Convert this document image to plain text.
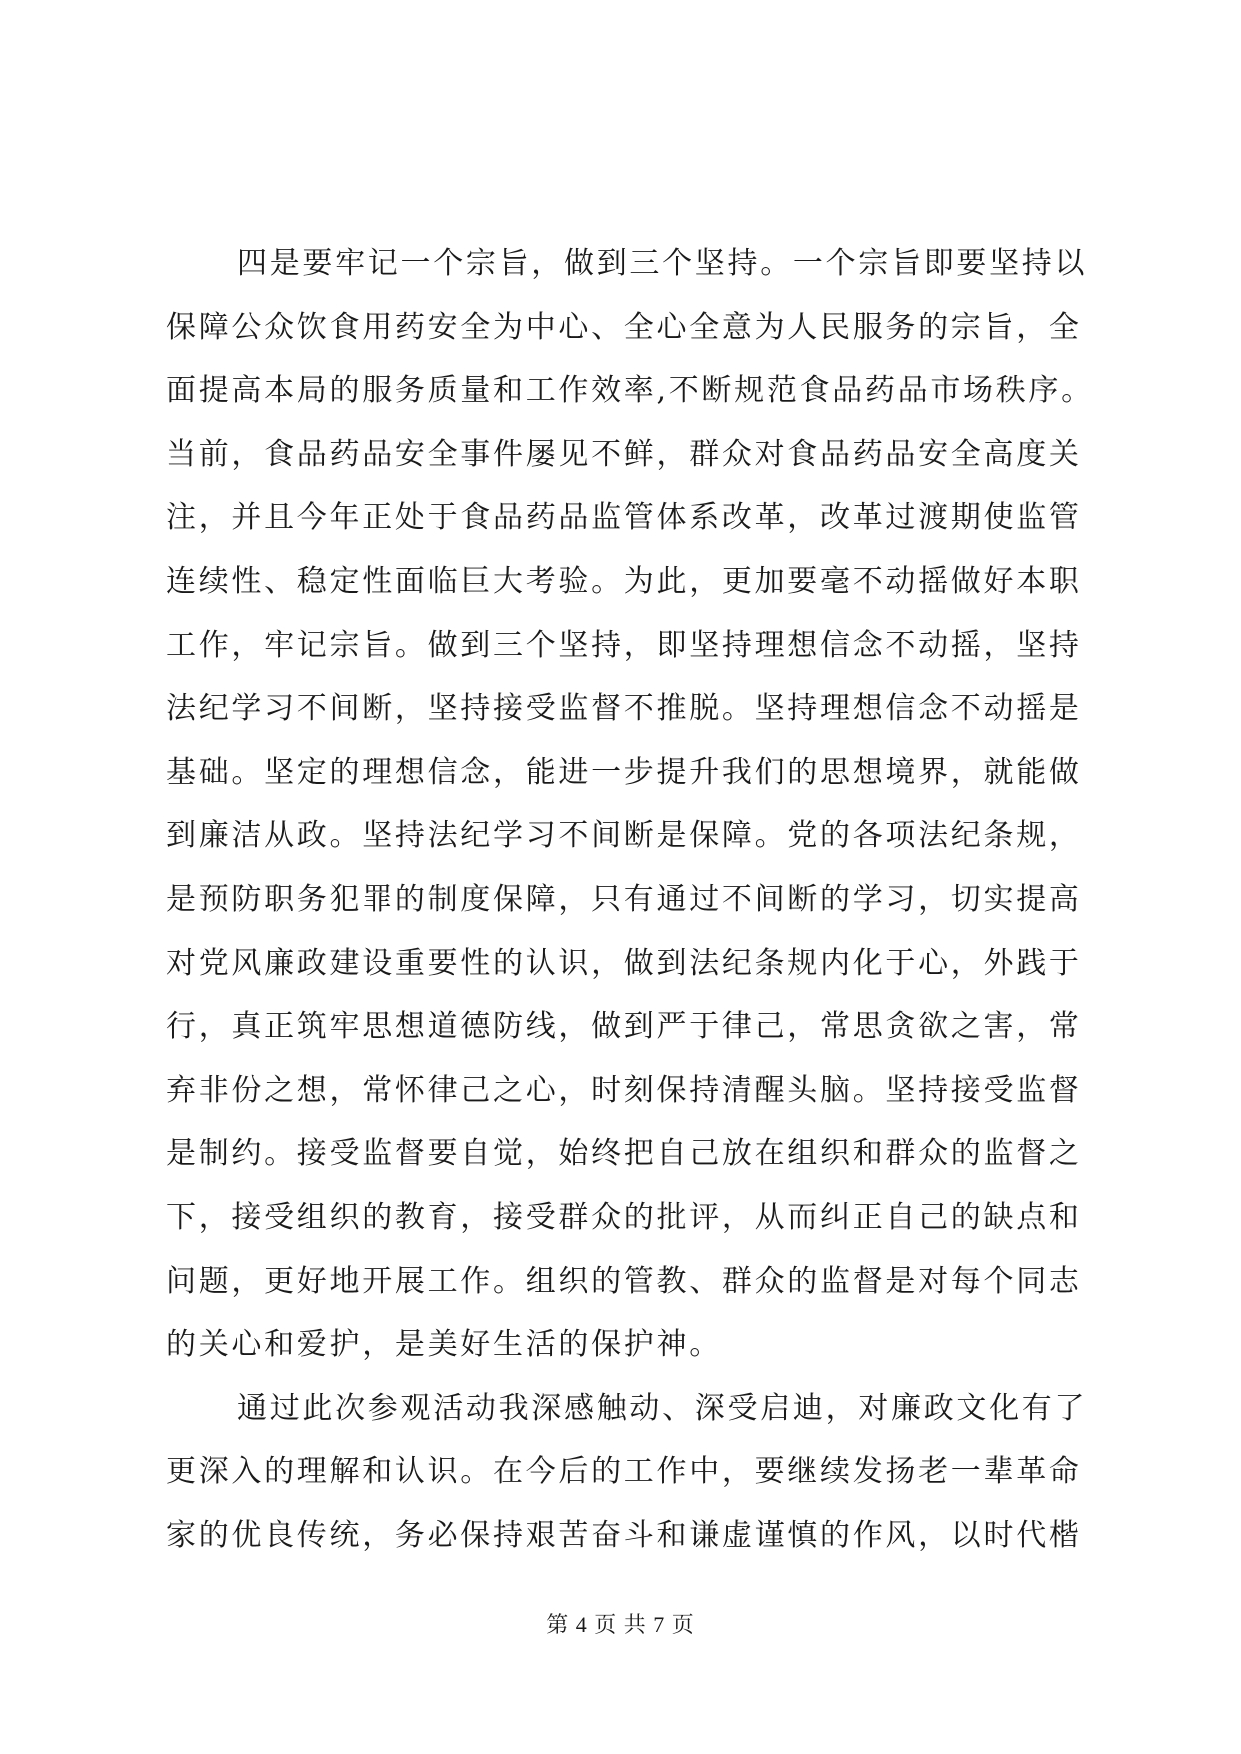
四是要牢记一个宗旨，做到三个坚持。一个宗旨即要坚持以

保障公众饮食用药安全为中心、全心全意为人民服务的宗旨，全

面提高本局的服务质量和工作效率,不断规范食品药品市场秩序。

当前，食品药品安全事件屡见不鲜，群众对食品药品安全高度关

注，并且今年正处于食品药品监管体系改革，改革过渡期使监管

连续性、稳定性面临巨大考验。为此，更加要毫不动摇做好本职

工作，牢记宗旨。做到三个坚持，即坚持理想信念不动摇，坚持

法纪学习不间断，坚持接受监督不推脱。坚持理想信念不动摇是

基础。坚定的理想信念，能进一步提升我们的思想境界，就能做

到廉洁从政。坚持法纪学习不间断是保障。党的各项法纪条规，

是预防职务犯罪的制度保障，只有通过不间断的学习，切实提高

对党风廉政建设重要性的认识，做到法纪条规内化于心，外践于

行，真正筑牢思想道德防线，做到严于律己，常思贪欲之害，常

弃非份之想，常怀律己之心，时刻保持清醒头脑。坚持接受监督

是制约。接受监督要自觉，始终把自己放在组织和群众的监督之

下，接受组织的教育，接受群众的批评，从而纠正自己的缺点和

问题，更好地开展工作。组织的管教、群众的监督是对每个同志

的关心和爱护，是美好生活的保护神。

通过此次参观活动我深感触动、深受启迪，对廉政文化有了

更深入的理解和认识。在今后的工作中，要继续发扬老一辈革命

家的优良传统，务必保持艰苦奋斗和谦虚谨慎的作风，以时代楷

第 4 页 共 7 页
